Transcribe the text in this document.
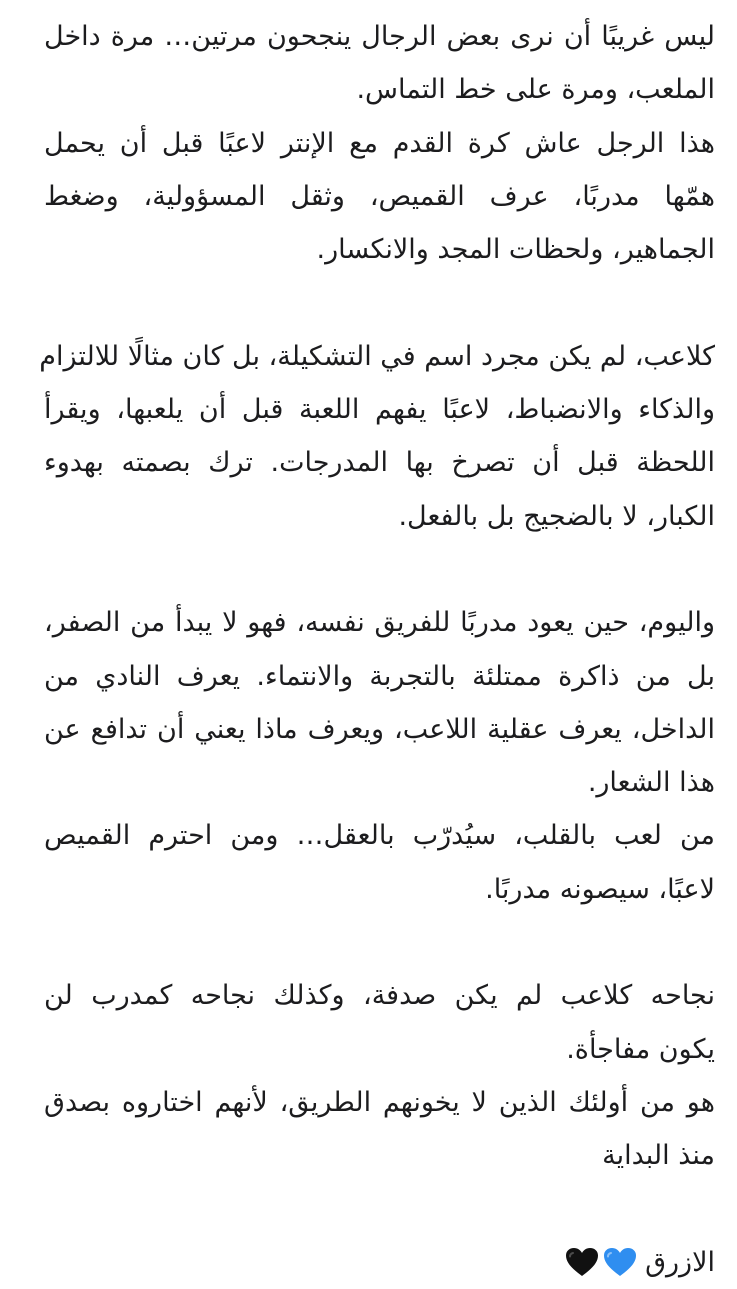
ليس غريبًا أن نرى بعض الرجال ينجحون مرتين… مرة داخل
الملعب، ومرة على خط التماس.
هذا الرجل عاش كرة القدم مع الإنتر لاعبًا قبل أن يحمل
همّها مدربًا، عرف القميص، وثقل المسؤولية، وضغط
الجماهير، ولحظات المجد والانكسار.
كلاعب، لم يكن مجرد اسم في التشكيلة، بل كان مثالًا للالتزام
والذكاء والانضباط، لاعبًا يفهم اللعبة قبل أن يلعبها، ويقرأ
اللحظة قبل أن تصرخ بها المدرجات. ترك بصمته بهدوء
الكبار، لا بالضجيج بل بالفعل.
واليوم، حين يعود مدربًا للفريق نفسه، فهو لا يبدأ من الصفر،
بل من ذاكرة ممتلئة بالتجربة والانتماء. يعرف النادي من
الداخل، يعرف عقلية اللاعب، ويعرف ماذا يعني أن تدافع عن
هذا الشعار.
من لعب بالقلب، سيُدرّب بالعقل… ومن احترم القميص
لاعبًا، سيصونه مدربًا.
نجاحه كلاعب لم يكن صدفة، وكذلك نجاحه كمدرب لن
يكون مفاجأة.
هو من أولئك الذين لا يخونهم الطريق، لأنهم اختاروه بصدق
منذ البداية
الازرق
